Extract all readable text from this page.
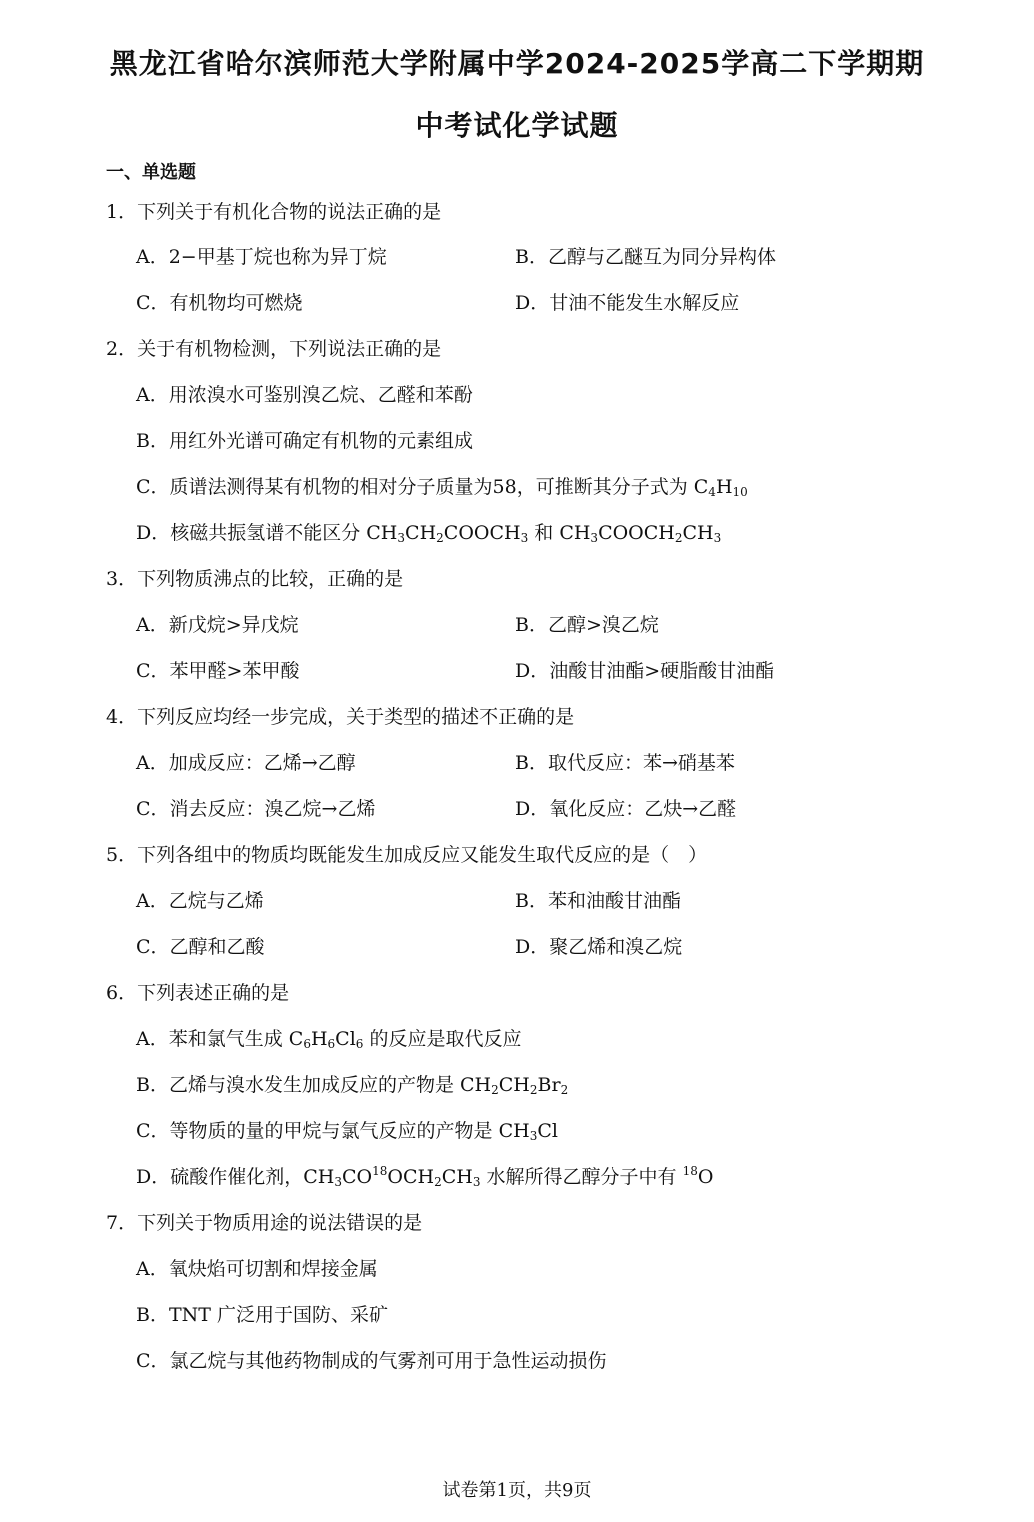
黑龙江省哈尔滨师范大学附属中学2024-2025学高二下学期期
中考试化学试题
一、单选题
1．下列关于有机化合物的说法正确的是
A．2−甲基丁烷也称为异丁烷	B．乙醇与乙醚互为同分异构体
C．有机物均可燃烧	D．甘油不能发生水解反应
2．关于有机物检测，下列说法正确的是
A．用浓溴水可鉴别溴乙烷、乙醛和苯酚
B．用红外光谱可确定有机物的元素组成
C．质谱法测得某有机物的相对分子质量为58，可推断其分子式为 $C_4H_{10}$
D．核磁共振氢谱不能区分 $CH_3CH_2COOCH_3$ 和 $CH_3COOCH_2CH_3$
3．下列物质沸点的比较，正确的是
A．新戊烷>异戊烷	B．乙醇>溴乙烷
C．苯甲醛>苯甲酸	D．油酸甘油酯>硬脂酸甘油酯
4．下列反应均经一步完成，关于类型的描述不正确的是
A．加成反应：乙烯→乙醇	B．取代反应：苯→硝基苯
C．消去反应：溴乙烷→乙烯	D．氧化反应：乙炔→乙醛
5．下列各组中的物质均既能发生加成反应又能发生取代反应的是（　）
A．乙烷与乙烯	B．苯和油酸甘油酯
C．乙醇和乙酸	D．聚乙烯和溴乙烷
6．下列表述正确的是
A．苯和氯气生成 $C_6H_6Cl_6$ 的反应是取代反应
B．乙烯与溴水发生加成反应的产物是 $CH_2CH_2Br_2$
C．等物质的量的甲烷与氯气反应的产物是 $CH_3Cl$
D．硫酸作催化剂，$CH_3CO^{18}OCH_2CH_3$ 水解所得乙醇分子中有 $^{18}$O
7．下列关于物质用途的说法错误的是
A．氧炔焰可切割和焊接金属
B．TNT 广泛用于国防、采矿
C．氯乙烷与其他药物制成的气雾剂可用于急性运动损伤
试卷第1页，共9页
